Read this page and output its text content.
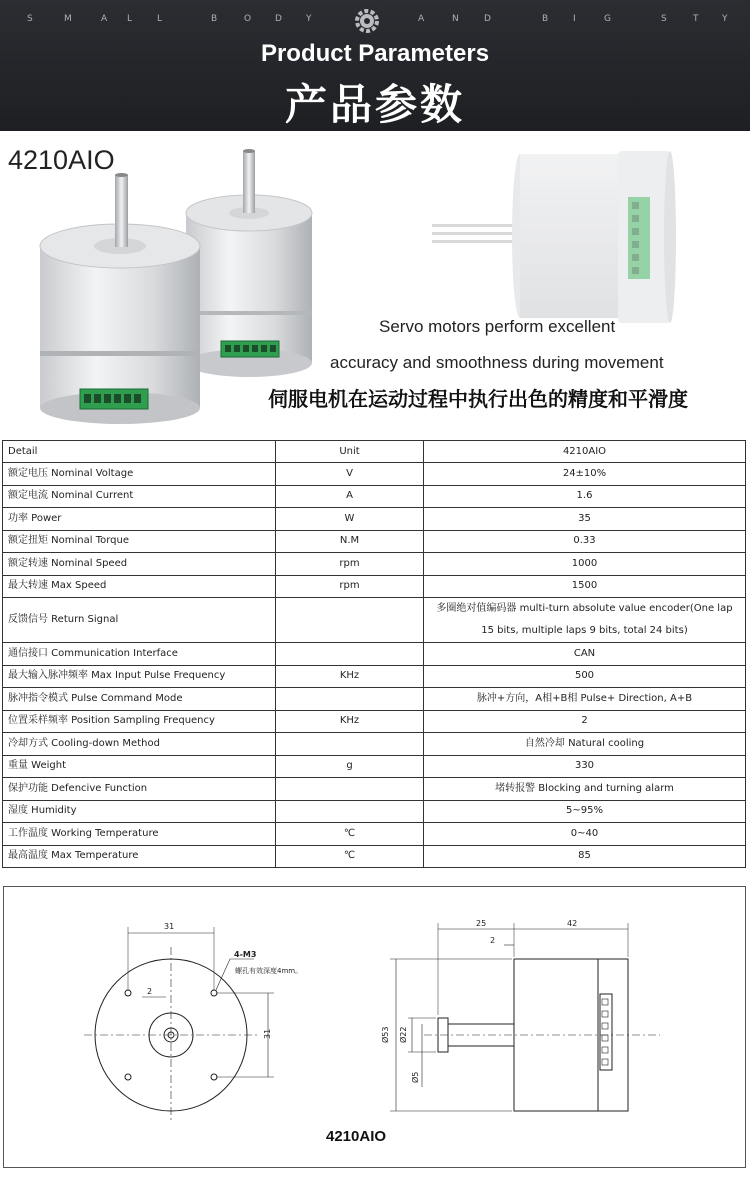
S	M	A L	L	B	O	D	Y	A	N	D	B	I	G	S	T	Y
Product Parameters
产品参数
4210AIO
Servo motors perform excellent
accuracy and smoothness during movement
伺服电机在运动过程中执行出色的精度和平滑度
Detail	Unit	4210AIO
额定电压 Nominal Voltage	V	24±10%
额定电流 Nominal Current	A	1.6
功率 Power	W	35
额定扭矩 Nominal Torque	N.M	0.33
额定转速 Nominal Speed	rpm	1000
最大转速 Max Speed	rpm	1500
反馈信号 Return Signal		多圈绝对值编码器 multi-turn absolute value encoder(One lap 15 bits, multiple laps 9 bits, total 24 bits)
通信接口 Communication Interface		CAN
最大输入脉冲频率 Max Input Pulse Frequency	KHz	500
脉冲指令模式 Pulse Command Mode		脉冲+方向，A相+B相 Pulse+ Direction, A+B
位置采样频率 Position Sampling Frequency	KHz	2
冷却方式 Cooling-down Method		自然冷却 Natural cooling
重量 Weight	g	330
保护功能 Defencive Function		堵转报警 Blocking and turning alarm
湿度 Humidity		5~95%
工作温度 Working Temperature	℃	0~40
最高温度 Max Temperature	℃	85
31
2
31
4-M3
25	42
2
Ø53 Ø22
Ø5
螺孔有效深度4mm。
4210AIO
